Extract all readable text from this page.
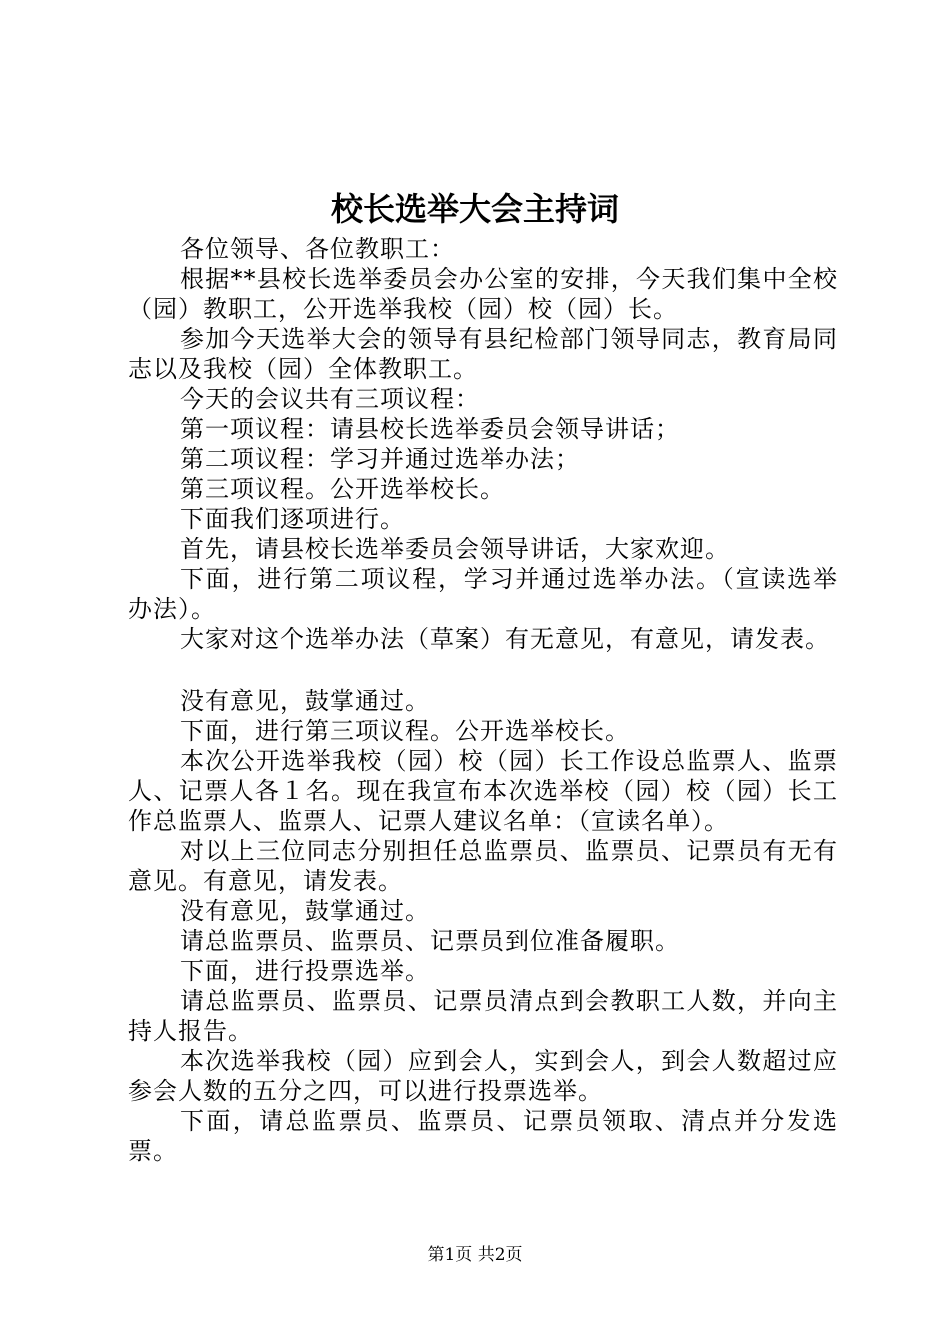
校长选举大会主持词

各位领导、各位教职工：

根据**县校长选举委员会办公室的安排，今天我们集中全校（园）教职工，公开选举我校（园）校（园）长。

参加今天选举大会的领导有县纪检部门领导同志，教育局同志以及我校（园）全体教职工。

今天的会议共有三项议程：

第一项议程：请县校长选举委员会领导讲话；

第二项议程：学习并通过选举办法；

第三项议程。公开选举校长。

下面我们逐项进行。

首先，请县校长选举委员会领导讲话，大家欢迎。

下面，进行第二项议程，学习并通过选举办法。（宣读选举办法）。

大家对这个选举办法（草案）有无意见，有意见，请发表。

没有意见，鼓掌通过。

下面，进行第三项议程。公开选举校长。

本次公开选举我校（园）校（园）长工作设总监票人、监票人、记票人各１名。现在我宣布本次选举校（园）校（园）长工作总监票人、监票人、记票人建议名单：（宣读名单）。

对以上三位同志分别担任总监票员、监票员、记票员有无有意见。有意见，请发表。

没有意见，鼓掌通过。

请总监票员、监票员、记票员到位准备履职。

下面，进行投票选举。

请总监票员、监票员、记票员清点到会教职工人数，并向主持人报告。

本次选举我校（园）应到会人，实到会人，到会人数超过应参会人数的五分之四，可以进行投票选举。

下面，请总监票员、监票员、记票员领取、清点并分发选票。

第1页 共2页
